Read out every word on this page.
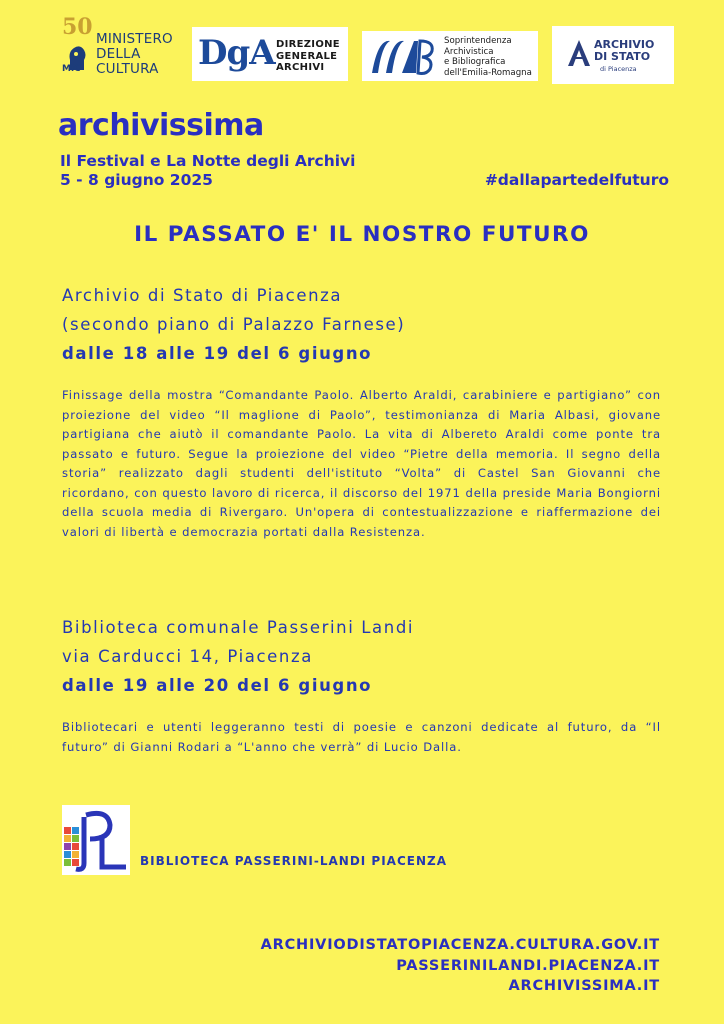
50
MiC
MINISTERO
DELLA
CULTURA	DgA DIREZIONE
GENERALE
ARCHIVI
Soprintendenza
Archivistica
e Bibliografica
dell'Emilia-Romagna
ARCHIVIO
DI STATO
di Piacenza
archivissima
Il Festival e La Notte degli Archivi
5 - 8 giugno 2025	#dallapartedelfuturo
IL PASSATO E' IL NOSTRO FUTURO
Archivio di Stato di Piacenza
(secondo piano di Palazzo Farnese)
dalle 18 alle 19 del 6 giugno
Finissage della mostra “Comandante Paolo. Alberto Araldi, carabiniere e partigiano” con proiezione del video “Il maglione di Paolo”, testimonianza di Maria Albasi, giovane partigiana che aiutò il comandante Paolo. La vita di Albereto Araldi come ponte tra passato e futuro. Segue la proiezione del video “Pietre della memoria. Il segno della storia” realizzato dagli studenti dell'istituto “Volta” di Castel San Giovanni che ricordano, con questo lavoro di ricerca, il discorso del 1971 della preside Maria Bongiorni della scuola media di Rivergaro. Un'opera di contestualizzazione e riaffermazione dei valori di libertà e democrazia portati dalla Resistenza.
Biblioteca comunale Passerini Landi
via Carducci 14, Piacenza
dalle 19 alle 20 del 6 giugno
Bibliotecari e utenti leggeranno testi di poesie e canzoni dedicate al futuro, da “Il futuro” di Gianni Rodari a “L'anno che verrà” di Lucio Dalla.
BIBLIOTECA PASSERINI-LANDI PIACENZA
ARCHIVIODISTATOPIACENZA.CULTURA.GOV.IT
PASSERINILANDI.PIACENZA.IT
ARCHIVISSIMA.IT
